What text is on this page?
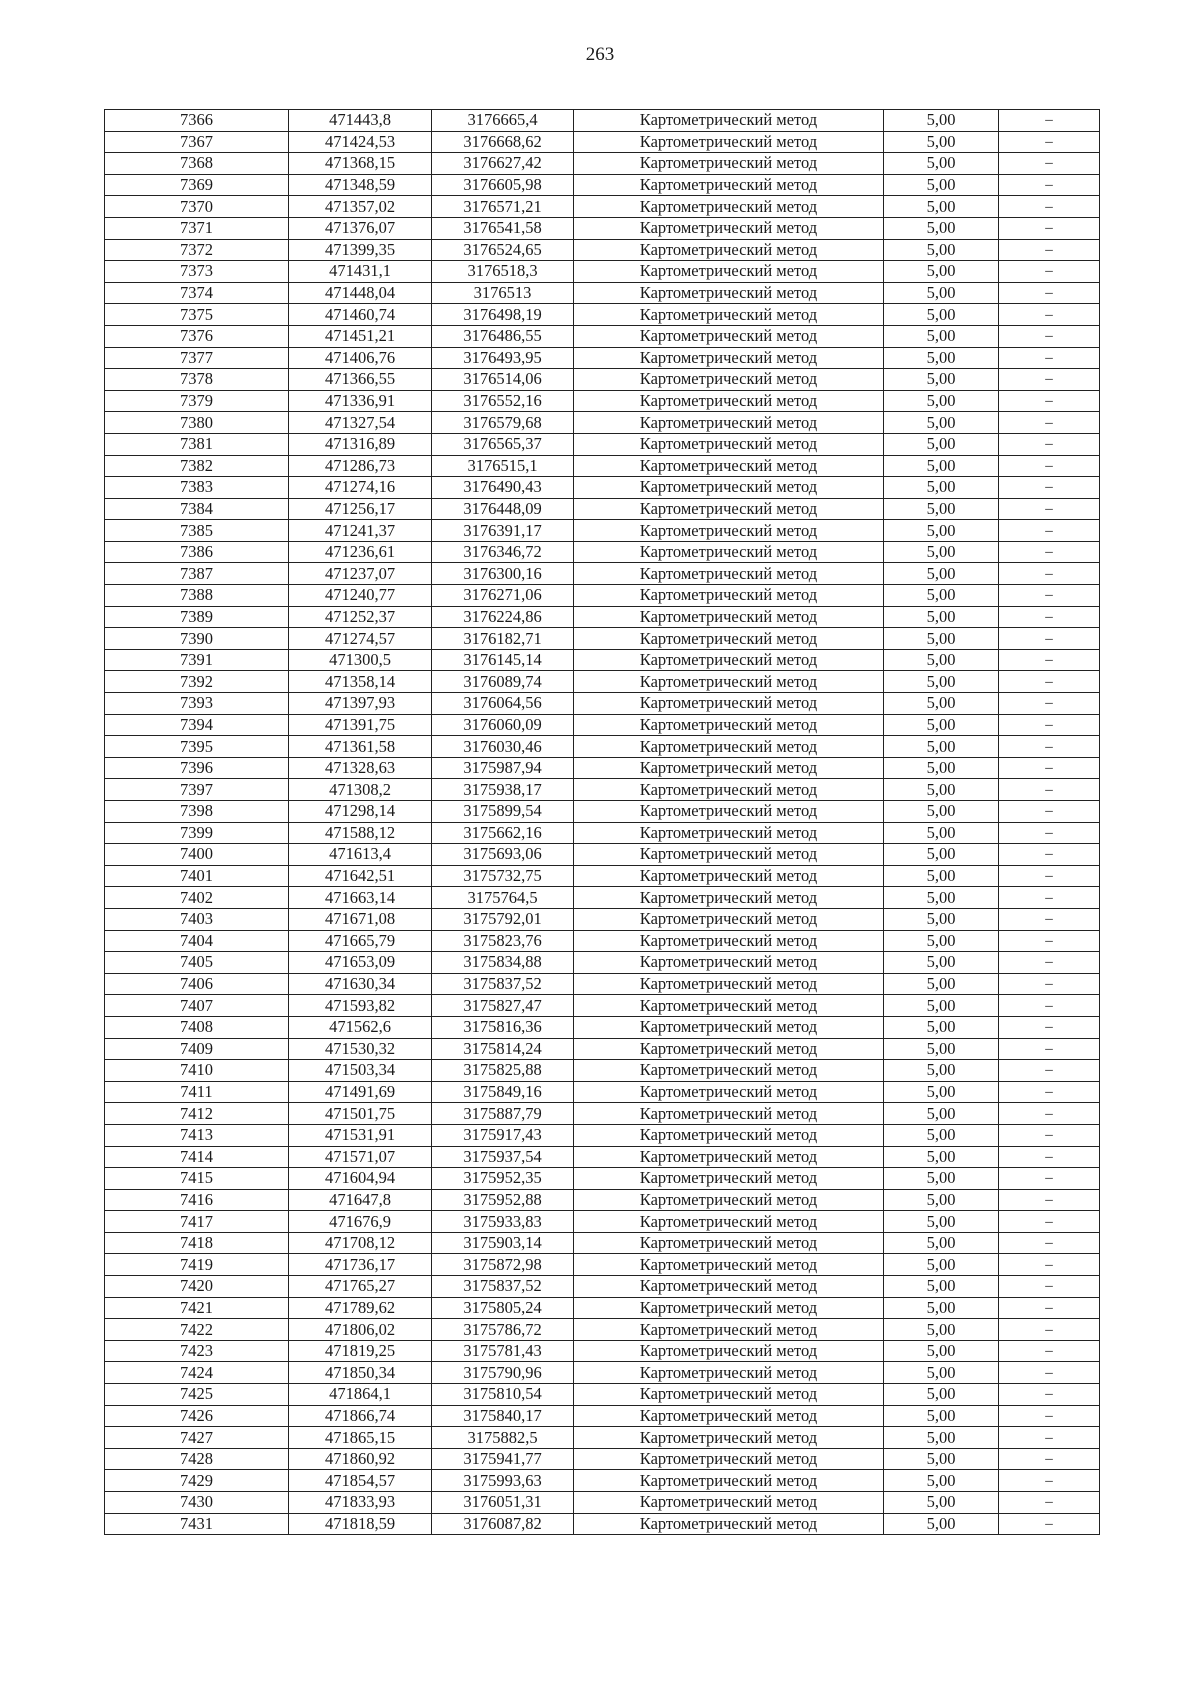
263
7366	471443,8	3176665,4	Картометрический метод	5,00	–
7367	471424,53	3176668,62	Картометрический метод	5,00	–
7368	471368,15	3176627,42	Картометрический метод	5,00	–
7369	471348,59	3176605,98	Картометрический метод	5,00	–
7370	471357,02	3176571,21	Картометрический метод	5,00	–
7371	471376,07	3176541,58	Картометрический метод	5,00	–
7372	471399,35	3176524,65	Картометрический метод	5,00	–
7373	471431,1	3176518,3	Картометрический метод	5,00	–
7374	471448,04	3176513	Картометрический метод	5,00	–
7375	471460,74	3176498,19	Картометрический метод	5,00	–
7376	471451,21	3176486,55	Картометрический метод	5,00	–
7377	471406,76	3176493,95	Картометрический метод	5,00	–
7378	471366,55	3176514,06	Картометрический метод	5,00	–
7379	471336,91	3176552,16	Картометрический метод	5,00	–
7380	471327,54	3176579,68	Картометрический метод	5,00	–
7381	471316,89	3176565,37	Картометрический метод	5,00	–
7382	471286,73	3176515,1	Картометрический метод	5,00	–
7383	471274,16	3176490,43	Картометрический метод	5,00	–
7384	471256,17	3176448,09	Картометрический метод	5,00	–
7385	471241,37	3176391,17	Картометрический метод	5,00	–
7386	471236,61	3176346,72	Картометрический метод	5,00	–
7387	471237,07	3176300,16	Картометрический метод	5,00	–
7388	471240,77	3176271,06	Картометрический метод	5,00	–
7389	471252,37	3176224,86	Картометрический метод	5,00	–
7390	471274,57	3176182,71	Картометрический метод	5,00	–
7391	471300,5	3176145,14	Картометрический метод	5,00	–
7392	471358,14	3176089,74	Картометрический метод	5,00	–
7393	471397,93	3176064,56	Картометрический метод	5,00	–
7394	471391,75	3176060,09	Картометрический метод	5,00	–
7395	471361,58	3176030,46	Картометрический метод	5,00	–
7396	471328,63	3175987,94	Картометрический метод	5,00	–
7397	471308,2	3175938,17	Картометрический метод	5,00	–
7398	471298,14	3175899,54	Картометрический метод	5,00	–
7399	471588,12	3175662,16	Картометрический метод	5,00	–
7400	471613,4	3175693,06	Картометрический метод	5,00	–
7401	471642,51	3175732,75	Картометрический метод	5,00	–
7402	471663,14	3175764,5	Картометрический метод	5,00	–
7403	471671,08	3175792,01	Картометрический метод	5,00	–
7404	471665,79	3175823,76	Картометрический метод	5,00	–
7405	471653,09	3175834,88	Картометрический метод	5,00	–
7406	471630,34	3175837,52	Картометрический метод	5,00	–
7407	471593,82	3175827,47	Картометрический метод	5,00	–
7408	471562,6	3175816,36	Картометрический метод	5,00	–
7409	471530,32	3175814,24	Картометрический метод	5,00	–
7410	471503,34	3175825,88	Картометрический метод	5,00	–
7411	471491,69	3175849,16	Картометрический метод	5,00	–
7412	471501,75	3175887,79	Картометрический метод	5,00	–
7413	471531,91	3175917,43	Картометрический метод	5,00	–
7414	471571,07	3175937,54	Картометрический метод	5,00	–
7415	471604,94	3175952,35	Картометрический метод	5,00	–
7416	471647,8	3175952,88	Картометрический метод	5,00	–
7417	471676,9	3175933,83	Картометрический метод	5,00	–
7418	471708,12	3175903,14	Картометрический метод	5,00	–
7419	471736,17	3175872,98	Картометрический метод	5,00	–
7420	471765,27	3175837,52	Картометрический метод	5,00	–
7421	471789,62	3175805,24	Картометрический метод	5,00	–
7422	471806,02	3175786,72	Картометрический метод	5,00	–
7423	471819,25	3175781,43	Картометрический метод	5,00	–
7424	471850,34	3175790,96	Картометрический метод	5,00	–
7425	471864,1	3175810,54	Картометрический метод	5,00	–
7426	471866,74	3175840,17	Картометрический метод	5,00	–
7427	471865,15	3175882,5	Картометрический метод	5,00	–
7428	471860,92	3175941,77	Картометрический метод	5,00	–
7429	471854,57	3175993,63	Картометрический метод	5,00	–
7430	471833,93	3176051,31	Картометрический метод	5,00	–
7431	471818,59	3176087,82	Картометрический метод	5,00	–
